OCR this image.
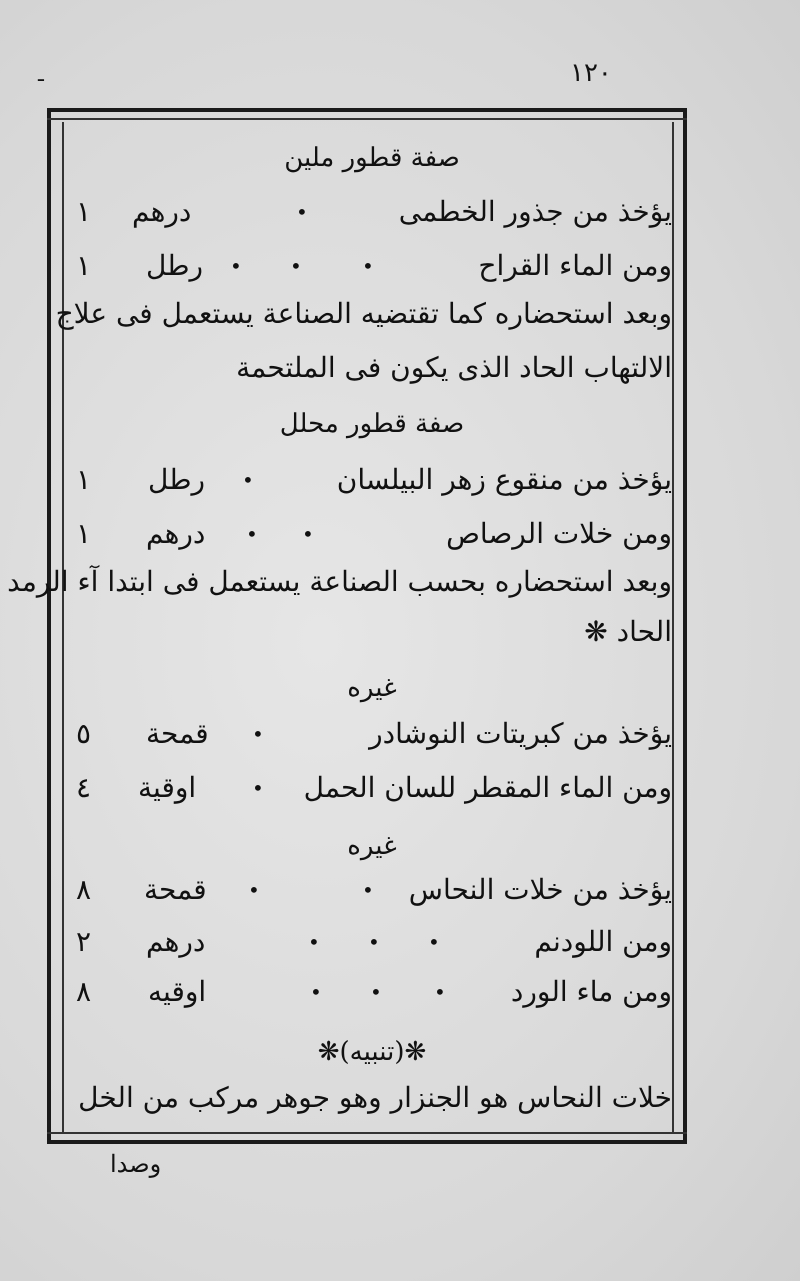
ـ	١٢٠
صفة قطور ملين
يؤخذ من جذور الخطمى
•
درهم
١
ومن الماء القراح
•
•
•
رطل
١
وبعد استحضاره كما تقتضيه الصناعة يستعمل فى علاج
الالتهاب الحاد الذى يكون فى الملتحمة
صفة قطور محلل
يؤخذ من منقوع زهر البيلسان
•
رطل
١
ومن خلات الرصاص
•
•
درهم
١
وبعد استحضاره بحسب الصناعة يستعمل فى ابتدا آء الرمد
الحاد ❋
غيره
يؤخذ من كبريتات النوشادر
•
قمحة
٥
ومن الماء المقطر للسان الحمل
•
اوقية
٤
غيره
يؤخذ من خلات النحاس
•
•
قمحة
٨
ومن اللودنم
•
•
•
درهم
٢
ومن ماء الورد
•
•
•
اوقيه
٨
❋(تنبيه)❋
خلات النحاس هو الجنزار وهو جوهر مركب من الخل
وصدا
